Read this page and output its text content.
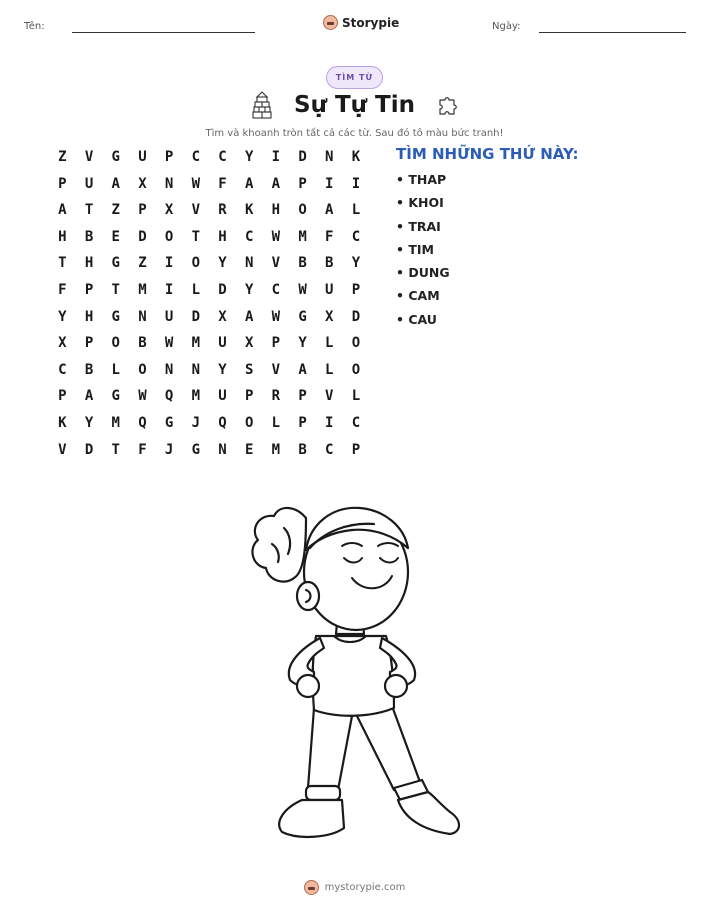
Tên:	Storypie	Ngày:
TÌM TỪ
Sự Tự Tin
Tìm và khoanh tròn tất cả các từ. Sau đó tô màu bức tranh!
Z	V	G	U	P	C	C	Y	I	D	N	K
P	U	A	X	N	W	F	A	A	P	I	I
A	T	Z	P	X	V	R	K	H	O	A	L
H	B	E	D	O	T	H	C	W	M	F	C
T	H	G	Z	I	O	Y	N	V	B	B	Y
F	P	T	M	I	L	D	Y	C	W	U	P
Y	H	G	N	U	D	X	A	W	G	X	D
X	P	O	B	W	M	U	X	P	Y	L	O
C	B	L	O	N	N	Y	S	V	A	L	O
P	A	G	W	Q	M	U	P	R	P	V	L
K	Y	M	Q	G	J	Q	O	L	P	I	C
V	D	T	F	J	G	N	E	M	B	C	P
TÌM NHỮNG THỨ NÀY:
• THAP
• KHOI
• TRAI
• TIM
• DUNG
• CAM
• CAU
mystorypie.com
